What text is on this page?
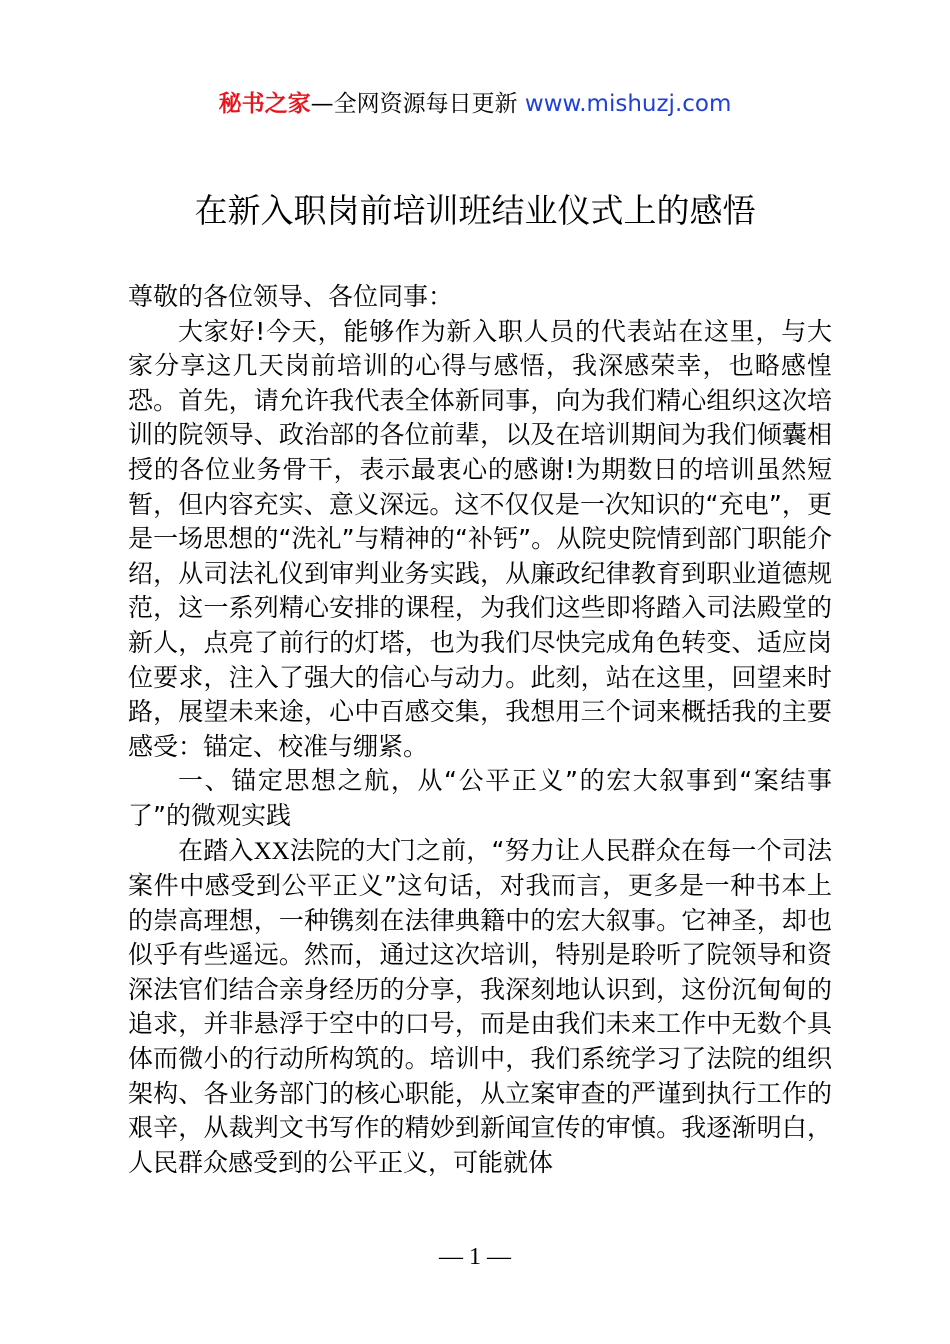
秘书之家—全网资源每日更新 www.mishuzj.com
在新入职岗前培训班结业仪式上的感悟

尊敬的各位领导、各位同事：

大家好!今天，能够作为新入职人员的代表站在这里，与大家分享这几天岗前培训的心得与感悟，我深感荣幸，也略感惶恐。首先，请允许我代表全体新同事，向为我们精心组织这次培训的院领导、政治部的各位前辈，以及在培训期间为我们倾囊相授的各位业务骨干，表示最衷心的感谢!为期数日的培训虽然短暂，但内容充实、意义深远。这不仅仅是一次知识的“充电”，更是一场思想的“洗礼”与精神的“补钙”。从院史院情到部门职能介绍，从司法礼仪到审判业务实践，从廉政纪律教育到职业道德规范，这一系列精心安排的课程，为我们这些即将踏入司法殿堂的新人，点亮了前行的灯塔，也为我们尽快完成角色转变、适应岗位要求，注入了强大的信心与动力。此刻，站在这里，回望来时路，展望未来途，心中百感交集，我想用三个词来概括我的主要感受：锚定、校准与绷紧。

一、锚定思想之航，从“公平正义”的宏大叙事到“案结事了”的微观实践

在踏入XX法院的大门之前，“努力让人民群众在每一个司法案件中感受到公平正义”这句话，对我而言，更多是一种书本上的崇高理想，一种镌刻在法律典籍中的宏大叙事。它神圣，却也似乎有些遥远。然而，通过这次培训，特别是聆听了院领导和资深法官们结合亲身经历的分享，我深刻地认识到，这份沉甸甸的追求，并非悬浮于空中的口号，而是由我们未来工作中无数个具体而微小的行动所构筑的。培训中，我们系统学习了法院的组织架构、各业务部门的核心职能，从立案审查的严谨到执行工作的艰辛，从裁判文书写作的精妙到新闻宣传的审慎。我逐渐明白，人民群众感受到的公平正义，可能就体

— 1 —
